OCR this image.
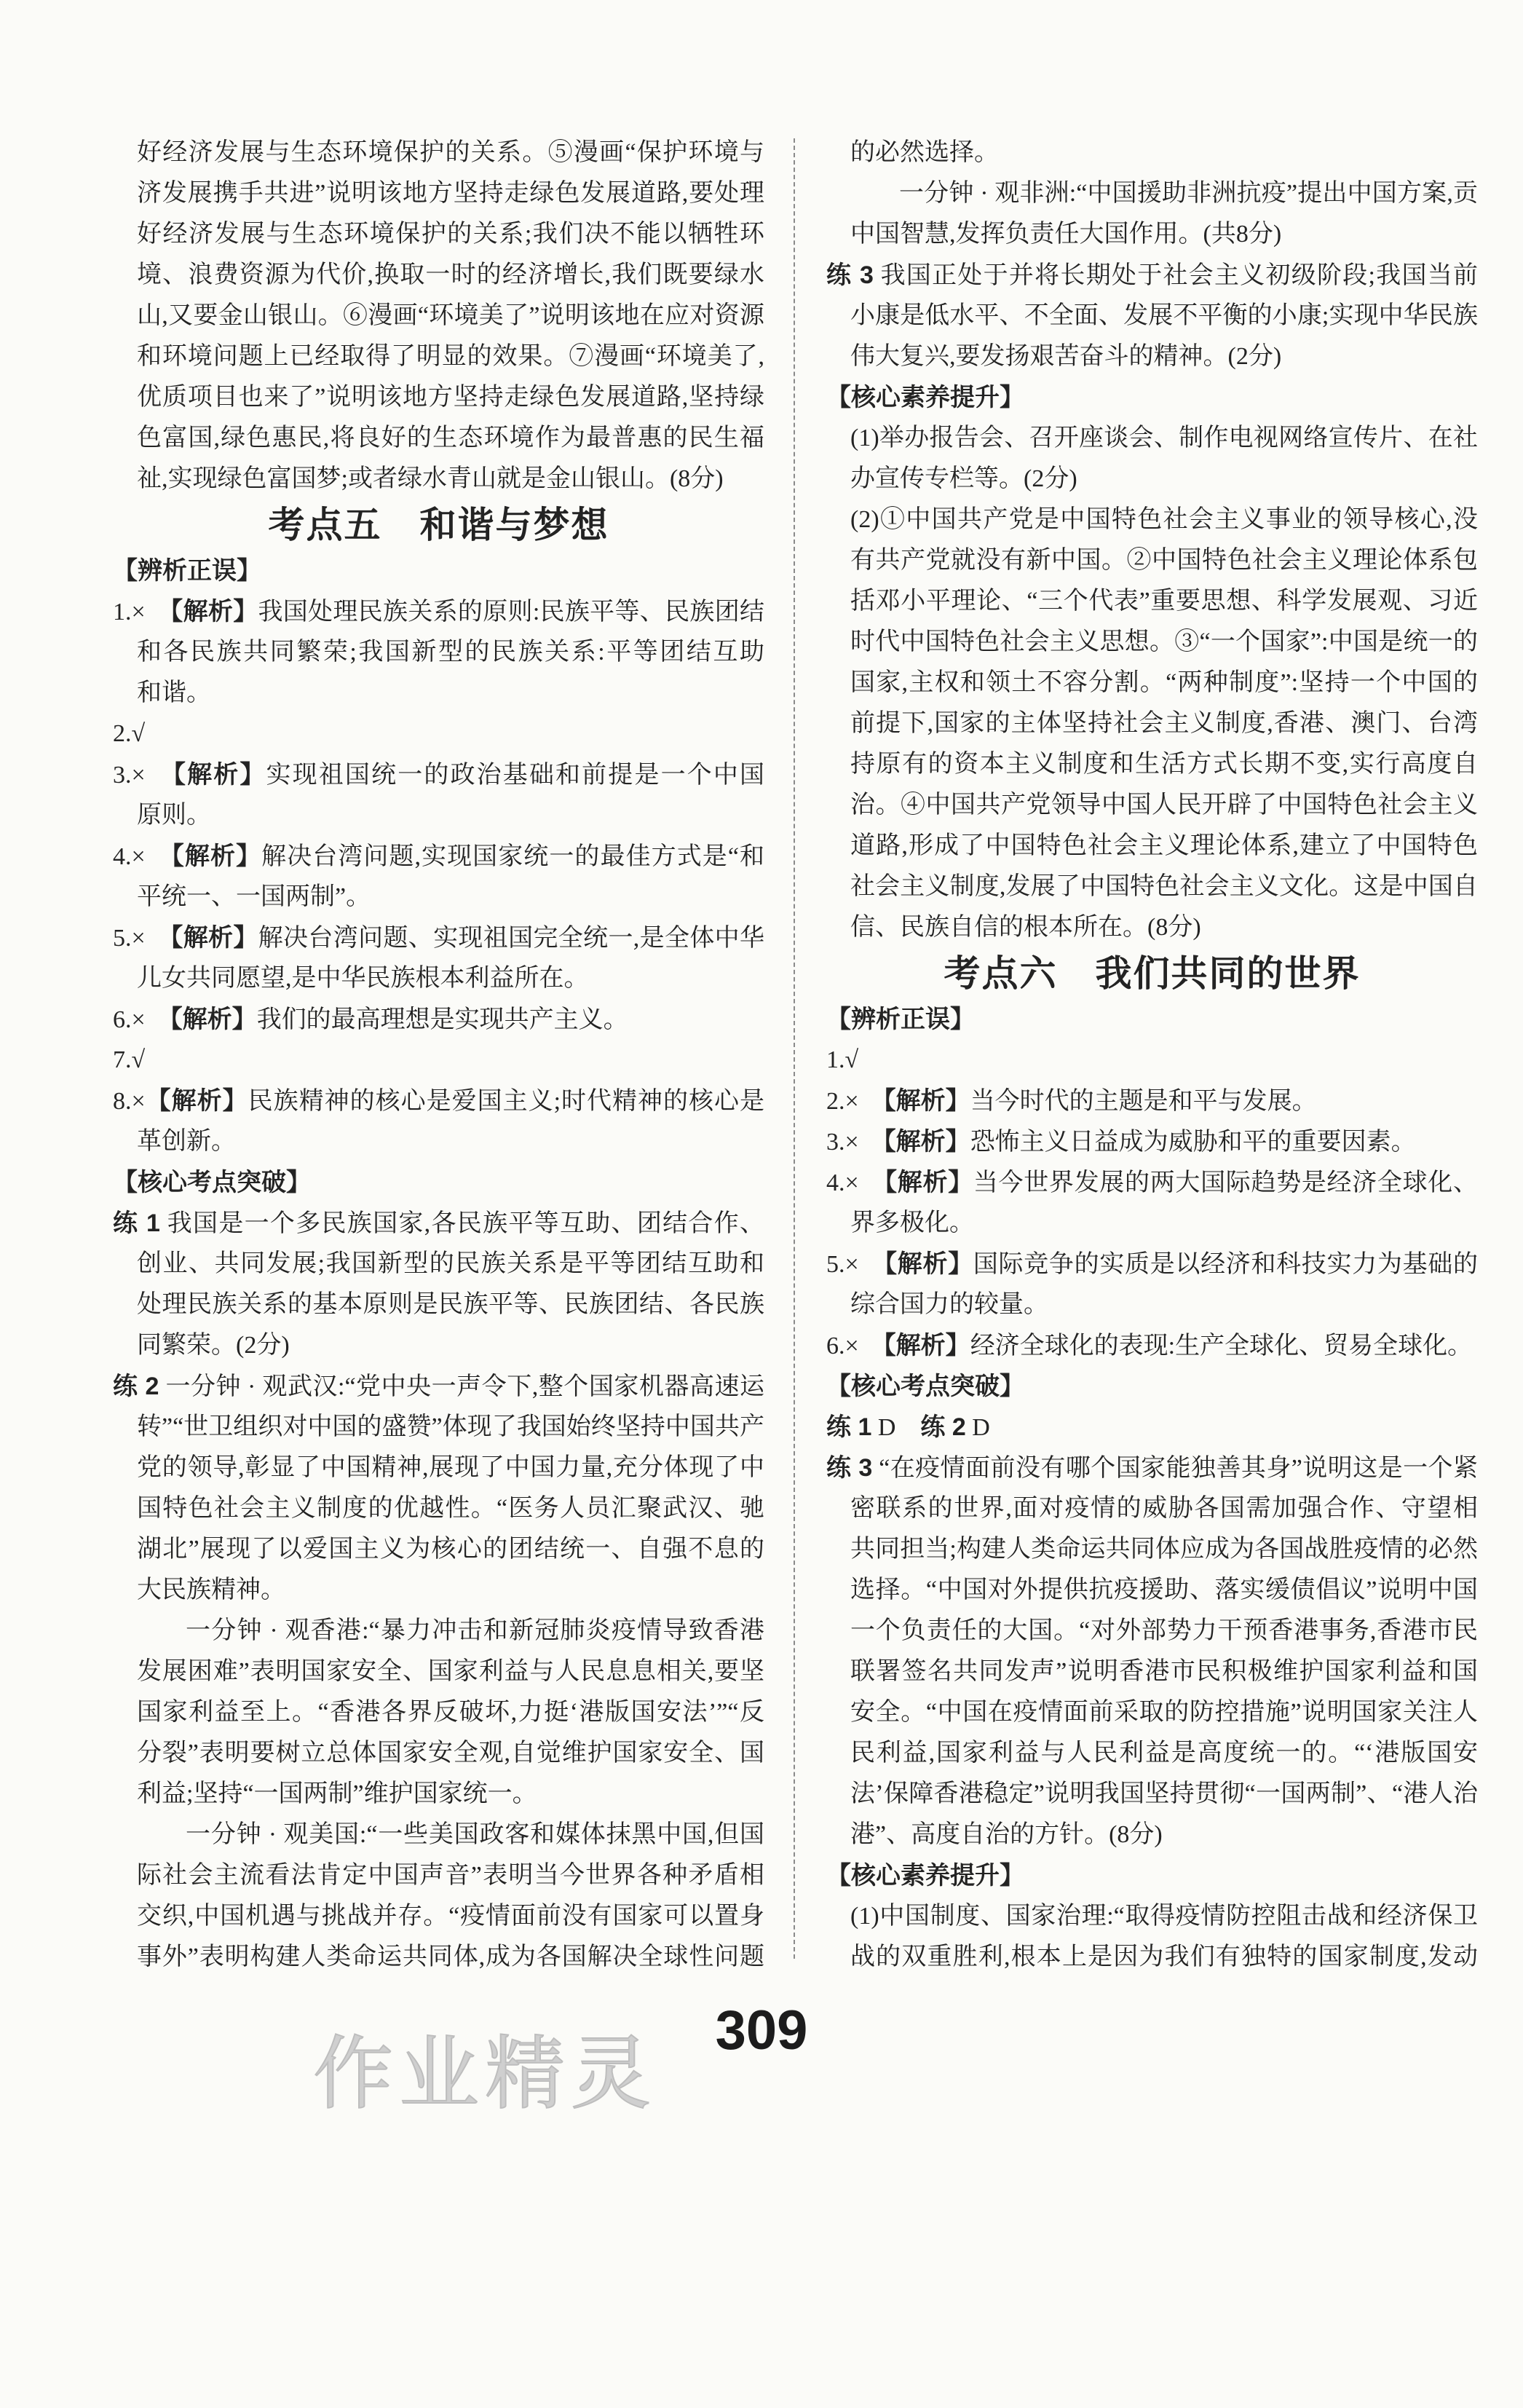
好经济发展与生态环境保护的关系。⑤漫画“保护环境与
济发展携手共进”说明该地方坚持走绿色发展道路,要处理
好经济发展与生态环境保护的关系;我们决不能以牺牲环
境、浪费资源为代价,换取一时的经济增长,我们既要绿水
山,又要金山银山。⑥漫画“环境美了”说明该地在应对资源
和环境问题上已经取得了明显的效果。⑦漫画“环境美了,
优质项目也来了”说明该地方坚持走绿色发展道路,坚持绿
色富国,绿色惠民,将良好的生态环境作为最普惠的民生福
祉,实现绿色富国梦;或者绿水青山就是金山银山。(8分)
考点五　和谐与梦想
【辨析正误】
1.×　【解析】我国处理民族关系的原则:民族平等、民族团结
和各民族共同繁荣;我国新型的民族关系:平等团结互助
和谐。
2.√
3.×　【解析】实现祖国统一的政治基础和前提是一个中国
原则。
4.×　【解析】解决台湾问题,实现国家统一的最佳方式是“和
平统一、一国两制”。
5.×　【解析】解决台湾问题、实现祖国完全统一,是全体中华
儿女共同愿望,是中华民族根本利益所在。
6.×　【解析】我们的最高理想是实现共产主义。
7.√
8.×【解析】民族精神的核心是爱国主义;时代精神的核心是
革创新。
【核心考点突破】
练 1 我国是一个多民族国家,各民族平等互助、团结合作、
创业、共同发展;我国新型的民族关系是平等团结互助和
处理民族关系的基本原则是民族平等、民族团结、各民族
同繁荣。(2分)
练 2 一分钟 · 观武汉:“党中央一声令下,整个国家机器高速运
转”“世卫组织对中国的盛赞”体现了我国始终坚持中国共产
党的领导,彰显了中国精神,展现了中国力量,充分体现了中
国特色社会主义制度的优越性。“医务人员汇聚武汉、驰
湖北”展现了以爱国主义为核心的团结统一、自强不息的
大民族精神。
一分钟 · 观香港:“暴力冲击和新冠肺炎疫情导致香港
发展困难”表明国家安全、国家利益与人民息息相关,要坚
国家利益至上。“香港各界反破坏,力挺‘港版国安法’”“反
分裂”表明要树立总体国家安全观,自觉维护国家安全、国
利益;坚持“一国两制”维护国家统一。
一分钟 · 观美国:“一些美国政客和媒体抹黑中国,但国
际社会主流看法肯定中国声音”表明当今世界各种矛盾相
交织,中国机遇与挑战并存。“疫情面前没有国家可以置身
事外”表明构建人类命运共同体,成为各国解决全球性问题
的必然选择。
一分钟 · 观非洲:“中国援助非洲抗疫”提出中国方案,贡
中国智慧,发挥负责任大国作用。(共8分)
练 3 我国正处于并将长期处于社会主义初级阶段;我国当前
小康是低水平、不全面、发展不平衡的小康;实现中华民族
伟大复兴,要发扬艰苦奋斗的精神。(2分)
【核心素养提升】
(1)举办报告会、召开座谈会、制作电视网络宣传片、在社
办宣传专栏等。(2分)
(2)①中国共产党是中国特色社会主义事业的领导核心,没
有共产党就没有新中国。②中国特色社会主义理论体系包
括邓小平理论、“三个代表”重要思想、科学发展观、习近
时代中国特色社会主义思想。③“一个国家”:中国是统一的
国家,主权和领土不容分割。“两种制度”:坚持一个中国的
前提下,国家的主体坚持社会主义制度,香港、澳门、台湾
持原有的资本主义制度和生活方式长期不变,实行高度自
治。④中国共产党领导中国人民开辟了中国特色社会主义
道路,形成了中国特色社会主义理论体系,建立了中国特色
社会主义制度,发展了中国特色社会主义文化。这是中国自
信、民族自信的根本所在。(8分)
考点六　我们共同的世界
【辨析正误】
1.√
2.×　【解析】当今时代的主题是和平与发展。
3.×　【解析】恐怖主义日益成为威胁和平的重要因素。
4.×　【解析】当今世界发展的两大国际趋势是经济全球化、
界多极化。
5.×　【解析】国际竞争的实质是以经济和科技实力为基础的
综合国力的较量。
6.×　【解析】经济全球化的表现:生产全球化、贸易全球化。
【核心考点突破】
练 1 D　练 2 D
练 3 “在疫情面前没有哪个国家能独善其身”说明这是一个紧
密联系的世界,面对疫情的威胁各国需加强合作、守望相
共同担当;构建人类命运共同体应成为各国战胜疫情的必然
选择。“中国对外提供抗疫援助、落实缓债倡议”说明中国
一个负责任的大国。“对外部势力干预香港事务,香港市民
联署签名共同发声”说明香港市民积极维护国家利益和国
安全。“中国在疫情面前采取的防控措施”说明国家关注人
民利益,国家利益与人民利益是高度统一的。“‘港版国安
法’保障香港稳定”说明我国坚持贯彻“一国两制”、“港人治
港”、高度自治的方针。(8分)
【核心素养提升】
(1)中国制度、国家治理:“取得疫情防控阻击战和经济保卫
战的双重胜利,根本上是因为我们有独特的国家制度,发动
309
作业精灵
